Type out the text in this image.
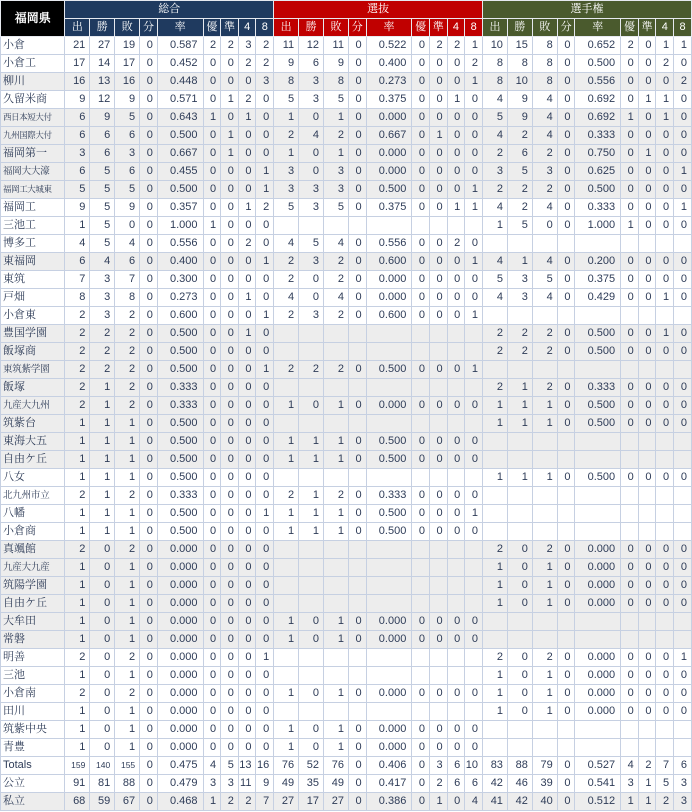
福岡県	総合									選抜									選手権								
	出	勝	敗	分	率	優	準	4	8	出	勝	敗	分	率	優	準	4	8	出	勝	敗	分	率	優	準	4	8
小倉	21	27	19	0	0.587	2	2	3	2	11	12	11	0	0.522	0	2	2	1	10	15	8	0	0.652	2	0	1	1
小倉工	17	14	17	0	0.452	0	0	2	2	9	6	9	0	0.400	0	0	0	2	8	8	8	0	0.500	0	0	2	0
柳川	16	13	16	0	0.448	0	0	0	3	8	3	8	0	0.273	0	0	0	1	8	10	8	0	0.556	0	0	0	2
久留米商	9	12	9	0	0.571	0	1	2	0	5	3	5	0	0.375	0	0	1	0	4	9	4	0	0.692	0	1	1	0
西日本短大付	6	9	5	0	0.643	1	0	1	0	1	0	1	0	0.000	0	0	0	0	5	9	4	0	0.692	1	0	1	0
九州国際大付	6	6	6	0	0.500	0	1	0	0	2	4	2	0	0.667	0	1	0	0	4	2	4	0	0.333	0	0	0	0
福岡第一	3	6	3	0	0.667	0	1	0	0	1	0	1	0	0.000	0	0	0	0	2	6	2	0	0.750	0	1	0	0
福岡大大濠	6	5	6	0	0.455	0	0	0	1	3	0	3	0	0.000	0	0	0	0	3	5	3	0	0.625	0	0	0	1
福岡工大城東	5	5	5	0	0.500	0	0	0	1	3	3	3	0	0.500	0	0	0	1	2	2	2	0	0.500	0	0	0	0
福岡工	9	5	9	0	0.357	0	0	1	2	5	3	5	0	0.375	0	0	1	1	4	2	4	0	0.333	0	0	0	1
三池工	1	5	0	0	1.000	1	0	0	0										1	5	0	0	1.000	1	0	0	0
博多工	4	5	4	0	0.556	0	0	2	0	4	5	4	0	0.556	0	0	2	0									
東福岡	6	4	6	0	0.400	0	0	0	1	2	3	2	0	0.600	0	0	0	1	4	1	4	0	0.200	0	0	0	0
東筑	7	3	7	0	0.300	0	0	0	0	2	0	2	0	0.000	0	0	0	0	5	3	5	0	0.375	0	0	0	0
戸畑	8	3	8	0	0.273	0	0	1	0	4	0	4	0	0.000	0	0	0	0	4	3	4	0	0.429	0	0	1	0
小倉東	2	3	2	0	0.600	0	0	0	1	2	3	2	0	0.600	0	0	0	1									
豊国学園	2	2	2	0	0.500	0	0	1	0										2	2	2	0	0.500	0	0	1	0
飯塚商	2	2	2	0	0.500	0	0	0	0										2	2	2	0	0.500	0	0	0	0
東筑紫学園	2	2	2	0	0.500	0	0	0	1	2	2	2	0	0.500	0	0	0	1									
飯塚	2	1	2	0	0.333	0	0	0	0										2	1	2	0	0.333	0	0	0	0
九産大九州	2	1	2	0	0.333	0	0	0	0	1	0	1	0	0.000	0	0	0	0	1	1	1	0	0.500	0	0	0	0
筑紫台	1	1	1	0	0.500	0	0	0	0										1	1	1	0	0.500	0	0	0	0
東海大五	1	1	1	0	0.500	0	0	0	0	1	1	1	0	0.500	0	0	0	0									
自由ケ丘	1	1	1	0	0.500	0	0	0	0	1	1	1	0	0.500	0	0	0	0									
八女	1	1	1	0	0.500	0	0	0	0										1	1	1	0	0.500	0	0	0	0
北九州市立	2	1	2	0	0.333	0	0	0	0	2	1	2	0	0.333	0	0	0	0									
八幡	1	1	1	0	0.500	0	0	0	1	1	1	1	0	0.500	0	0	0	1									
小倉商	1	1	1	0	0.500	0	0	0	0	1	1	1	0	0.500	0	0	0	0									
真颯館	2	0	2	0	0.000	0	0	0	0										2	0	2	0	0.000	0	0	0	0
九産大九産	1	0	1	0	0.000	0	0	0	0										1	0	1	0	0.000	0	0	0	0
筑陽学園	1	0	1	0	0.000	0	0	0	0										1	0	1	0	0.000	0	0	0	0
自由ケ丘	1	0	1	0	0.000	0	0	0	0										1	0	1	0	0.000	0	0	0	0
大牟田	1	0	1	0	0.000	0	0	0	0	1	0	1	0	0.000	0	0	0	0									
常磐	1	0	1	0	0.000	0	0	0	0	1	0	1	0	0.000	0	0	0	0									
明善	2	0	2	0	0.000	0	0	0	1										2	0	2	0	0.000	0	0	0	1
三池	1	0	1	0	0.000	0	0	0	0										1	0	1	0	0.000	0	0	0	0
小倉南	2	0	2	0	0.000	0	0	0	0	1	0	1	0	0.000	0	0	0	0	1	0	1	0	0.000	0	0	0	0
田川	1	0	1	0	0.000	0	0	0	0										1	0	1	0	0.000	0	0	0	0
筑紫中央	1	0	1	0	0.000	0	0	0	0	1	0	1	0	0.000	0	0	0	0									
青豊	1	0	1	0	0.000	0	0	0	0	1	0	1	0	0.000	0	0	0	0									
Totals	159	140	155	0	0.475	4	5	13	16	76	52	76	0	0.406	0	3	6	10	83	88	79	0	0.527	4	2	7	6
公立	91	81	88	0	0.479	3	3	11	9	49	35	49	0	0.417	0	2	6	6	42	46	39	0	0.541	3	1	5	3
私立	68	59	67	0	0.468	1	2	2	7	27	17	27	0	0.386	0	1	0	4	41	42	40	0	0.512	1	1	2	3
